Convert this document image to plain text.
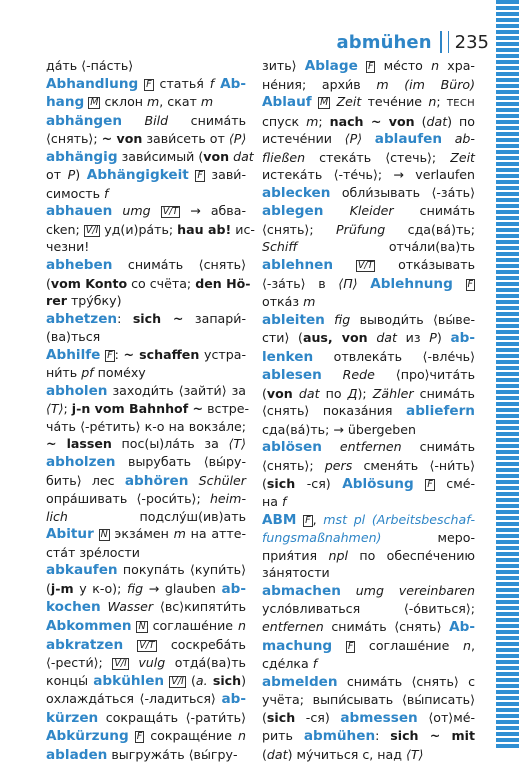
abmühen 235

да́ть ⟨-па́сть⟩

Abhandlung F статья́ f Ab-

hang M склон m, скат m

abhängen Bild снима́ть

⟨снять⟩; ~ von зави́сеть от ⟨P⟩

abhängig зави́симый (von dat

от P) Abhängigkeit F зави́-

симость f

abhauen umg V/T → абва-

cken; V/I уд(и)ра́ть; hau ab! ис-

чезни!

abheben снима́ть ⟨снять⟩

(vom Konto со счёта; den Hö-

rer тру́бку)

abhetzen: sich ~ запари́-

(ва)ться

Abhilfe F : ~ schaffen устра-

ни́ть pf поме́ху

abholen заходи́ть ⟨зайти́⟩ за

⟨T⟩; j-n vom Bahnhof ~ встре-

ча́ть ⟨-ре́тить⟩ к-о на вокза́ле;

~ lassen пос(ы)ла́ть за ⟨T⟩

abholzen вырубать ⟨вы́ру-

бить⟩ лес abhören Schüler

опра́шивать ⟨-роси́ть⟩; heim-

lich подслу́ш(ив)ать

Abitur N экза́мен m на атте-

ста́т зре́лости

abkaufen покупа́ть ⟨купи́ть⟩

(j-m у к-о); fig → glauben ab-

kochen Wasser ⟨вс⟩кипяти́ть

Abkommen N соглаше́ние n

abkratzen V/T соскреба́ть

⟨-рести́⟩; V/I vulg отда́(ва)ть

концы́ abkühlen V/I (a. sich)

охлажда́ться ⟨-ладиться⟩ ab-

kürzen сокраща́ть ⟨-рати́ть⟩

Abkürzung F сокраще́ние n

abladen выгружа́ть ⟨вы́гру-

зить⟩ Ablage F ме́сто n хра-

не́ния; архи́в m (im Büro)

Ablauf M Zeit тече́ние n; TECH

спуск m; nach ~ von (dat) по

истече́нии ⟨P⟩ ablaufen ab-

fließen стека́ть ⟨стечь⟩; Zeit

истека́ть ⟨-те́чь⟩; → verlaufen

ablecken обли́зывать ⟨-за́ть⟩

ablegen Kleider снима́ть

⟨снять⟩; Prüfung сда(ва́)ть;

Schiff отча́ли(ва)ть

ablehnen	V/T отка́зывать

⟨-за́ть⟩ в ⟨П⟩ Ablehnung F

отка́з m

ableiten fig выводи́ть ⟨вы́ве-

сти⟩ (aus, von dat из P) ab-

lenken отвлека́ть ⟨-вле́чь⟩

ablesen Rede ⟨про⟩чита́ть

(von dat по Д); Zähler снима́ть

⟨снять⟩ показа́ния abliefern

сда(ва́)ть; → übergeben

ablösen entfernen снима́ть

⟨снять⟩; pers сменя́ть ⟨-ни́ть⟩

(sich -ся) Ablösung F сме́-

на f

ABM F , mst pl (Arbeitsbeschaf-

fungsmaßnahmen) меро-

прия́тия npl по обеспе́чению

за́нятости

abmachen umg vereinbaren

усло́вливаться ⟨-о́виться⟩;

entfernen снима́ть ⟨снять⟩ Ab-

machung F соглаше́ние n,

сде́лка f

abmelden снима́ть ⟨снять⟩ с

учёта; выпи́сывать ⟨вы́писать⟩

(sich -ся) abmessen ⟨от⟩ме́-

рить abmühen: sich ~ mit

(dat) му́читься с, над ⟨T⟩
